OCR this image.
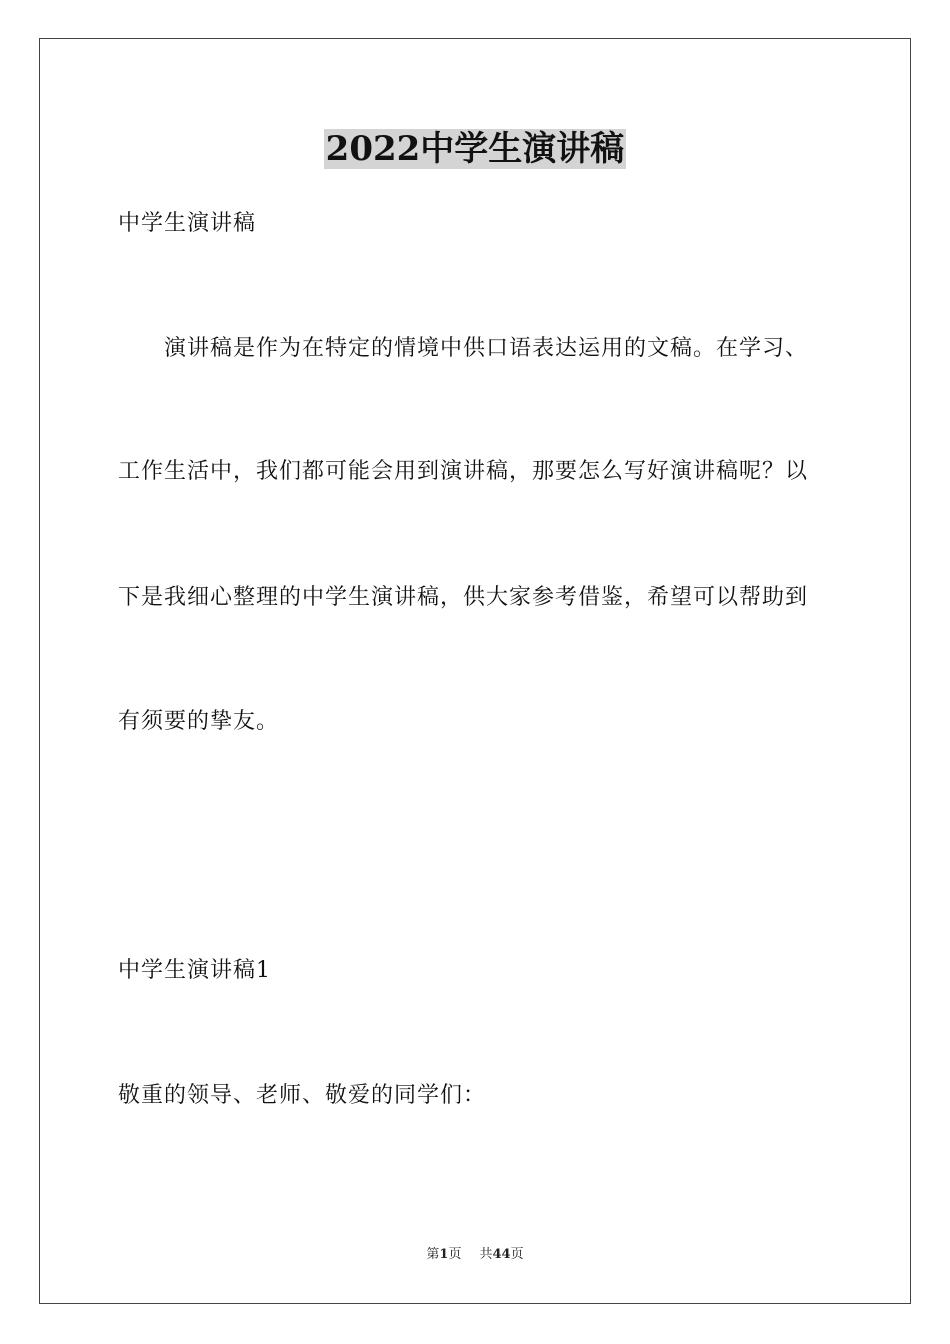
2022中学生演讲稿
中学生演讲稿
演讲稿是作为在特定的情境中供口语表达运用的文稿。在学习、
工作生活中，我们都可能会用到演讲稿，那要怎么写好演讲稿呢？以
下是我细心整理的中学生演讲稿，供大家参考借鉴，希望可以帮助到
有须要的挚友。
中学生演讲稿1
敬重的领导、老师、敬爱的同学们：
第1页 共44页
